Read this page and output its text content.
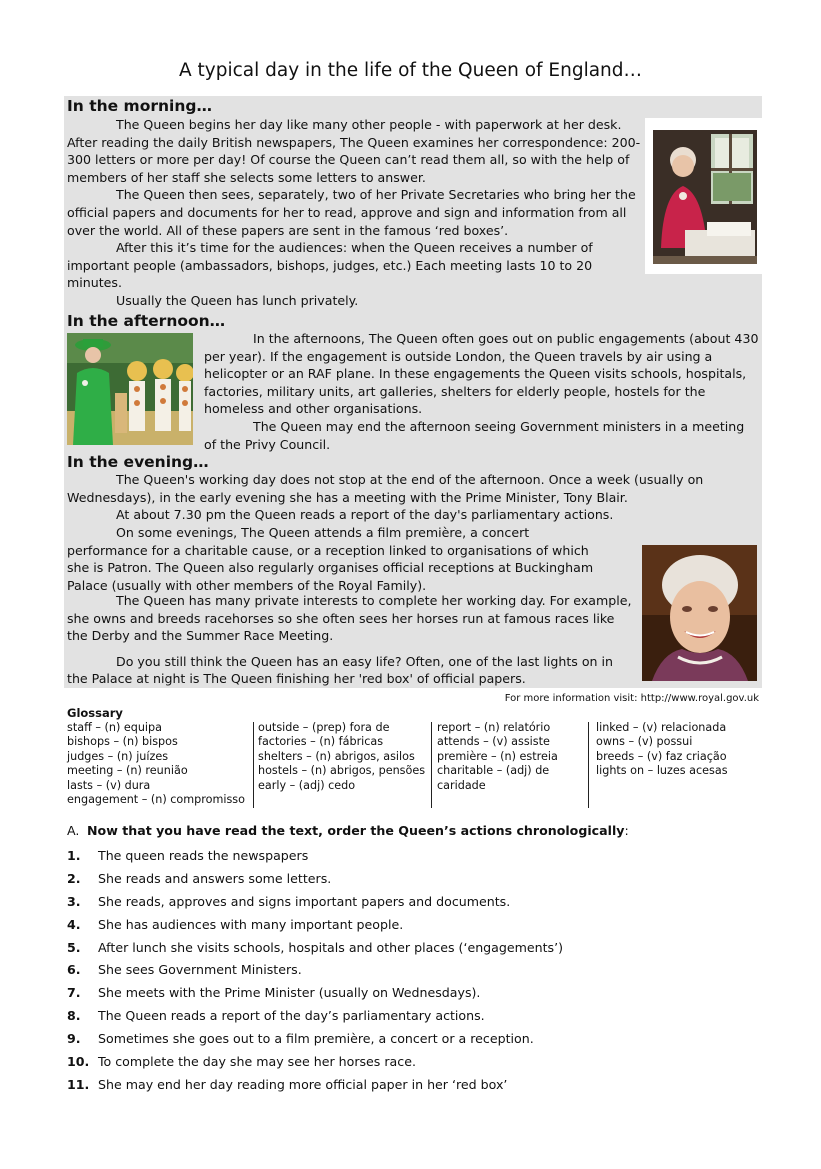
A typical day in the life of the Queen of England…
In the morning…

The Queen begins her day like many other people - with paperwork at her desk.

After reading the daily British newspapers, The Queen examines her correspondence: 200-300 letters or more per day! Of course the Queen can’t read them all, so with the help of members of her staff she selects some letters to answer.

The Queen then sees, separately, two of her Private Secretaries who bring her the official papers and documents for her to read, approve and sign and information from all over the world. All of these papers are sent in the famous ‘red boxes’.

After this it’s time for the audiences: when the Queen receives a number of important people (ambassadors, bishops, judges, etc.) Each meeting lasts 10 to 20 minutes.

Usually the Queen has lunch privately.

In the afternoon…

In the afternoons, The Queen often goes out on public engagements (about 430 per year). If the engagement is outside London, the Queen travels by air using a helicopter or an RAF plane. In these engagements the Queen visits schools, hospitals, factories, military units, art galleries, shelters for elderly people, hostels for the homeless and other organisations.

The Queen may end the afternoon seeing Government ministers in a meeting of the Privy Council.

In the evening…

The Queen's working day does not stop at the end of the afternoon. Once a week (usually on Wednesdays), in the early evening she has a meeting with the Prime Minister, Tony Blair.

At about 7.30 pm the Queen reads a report of the day's parliamentary actions.

On some evenings, The Queen attends a film première, a concert performance for a charitable cause, or a reception linked to organisations of which she is Patron. The Queen also regularly organises official receptions at Buckingham Palace (usually with other members of the Royal Family).

The Queen has many private interests to complete her working day. For example, she owns and breeds racehorses so she often sees her horses run at famous races like the Derby and the Summer Race Meeting.

Do you still think the Queen has an easy life? Often, one of the last lights on in the Palace at night is The Queen finishing her 'red box' of official papers.

For more information visit: http://www.royal.gov.uk
Glossary
staff – (n) equipa
bishops – (n) bispos
judges – (n) juízes
meeting – (n) reunião
lasts – (v) dura
engagement – (n) compromisso
outside – (prep) fora de
factories – (n) fábricas
shelters – (n) abrigos, asilos
hostels – (n) abrigos, pensões
early – (adj) cedo
report – (n) relatório
attends – (v) assiste
première – (n) estreia
charitable – (adj) de
caridade
linked – (v) relacionada
owns – (v) possui
breeds – (v) faz criação
lights on – luzes acesas
A. Now that you have read the text, order the Queen’s actions chronologically:
1.	The queen reads the newspapers
2.	She reads and answers some letters.
3.	She reads, approves and signs important papers and documents.
4.	She has audiences with many important people.
5.	After lunch she visits schools, hospitals and other places (‘engagements’)
6.	She sees Government Ministers.
7.	She meets with the Prime Minister (usually on Wednesdays).
8.	The Queen reads a report of the day’s parliamentary actions.
9.	Sometimes she goes out to a film première, a concert or a reception.
10. To complete the day she may see her horses race.
11. She may end her day reading more official paper in her ‘red box’
